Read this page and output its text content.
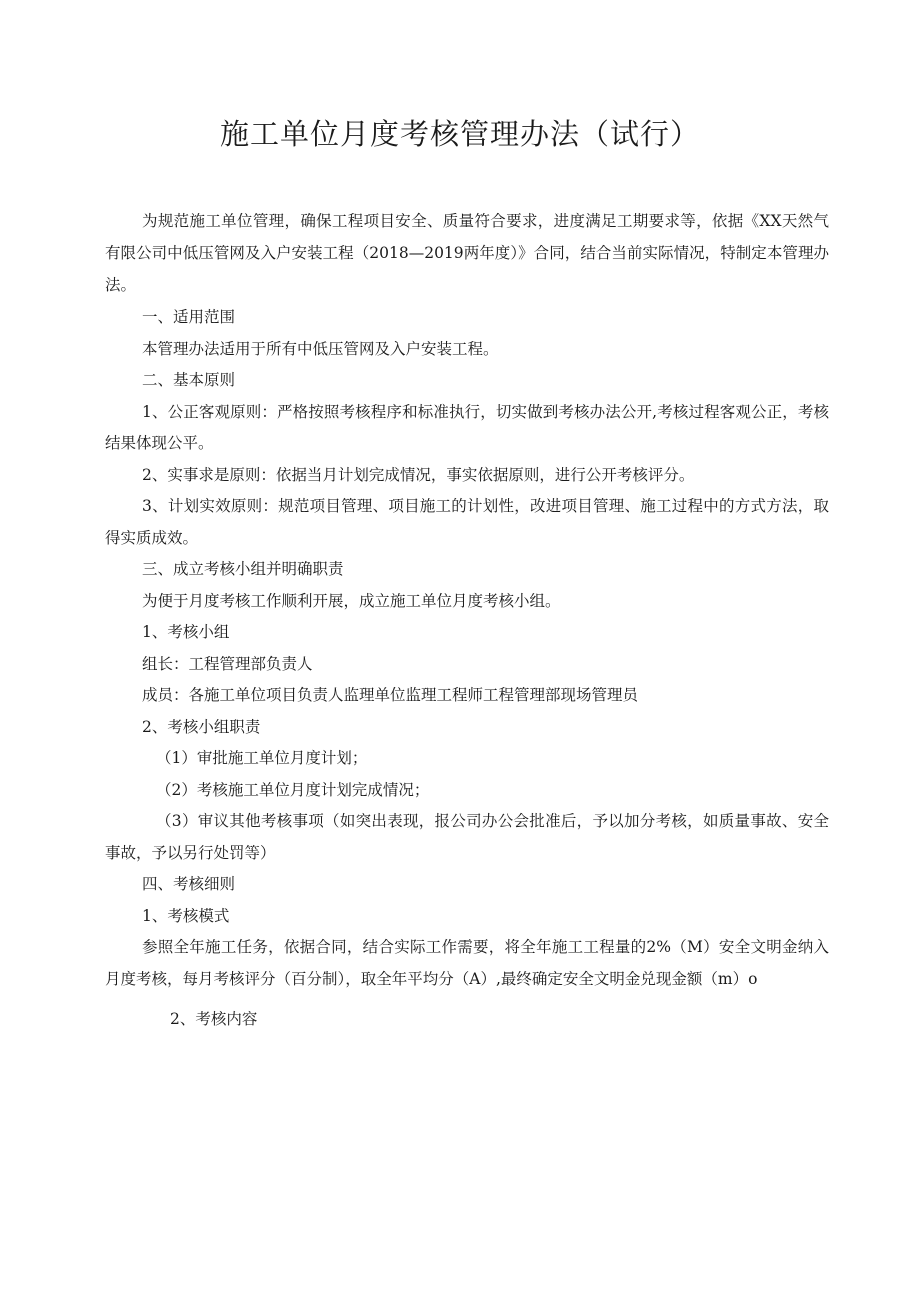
施工单位月度考核管理办法（试行）

为规范施工单位管理，确保工程项目安全、质量符合要求，进度满足工期要求等，依据《XX天然气有限公司中低压管网及入户安装工程（2018—2019两年度）》合同，结合当前实际情况，特制定本管理办法。

一、适用范围

本管理办法适用于所有中低压管网及入户安装工程。

二、基本原则

1、公正客观原则：严格按照考核程序和标准执行，切实做到考核办法公开,考核过程客观公正，考核结果体现公平。

2、实事求是原则：依据当月计划完成情况，事实依据原则，进行公开考核评分。

3、计划实效原则：规范项目管理、项目施工的计划性，改进项目管理、施工过程中的方式方法，取得实质成效。

三、成立考核小组并明确职责

为便于月度考核工作顺利开展，成立施工单位月度考核小组。

1、考核小组

组长：工程管理部负责人

成员：各施工单位项目负责人监理单位监理工程师工程管理部现场管理员

2、考核小组职责

（1）审批施工单位月度计划；

（2）考核施工单位月度计划完成情况；

（3）审议其他考核事项（如突出表现，报公司办公会批准后，予以加分考核，如质量事故、安全事故，予以另行处罚等）

四、考核细则

1、考核模式

参照全年施工任务，依据合同，结合实际工作需要，将全年施工工程量的2%（M）安全文明金纳入月度考核，每月考核评分（百分制），取全年平均分（A）,最终确定安全文明金兑现金额（m）o

2、考核内容
